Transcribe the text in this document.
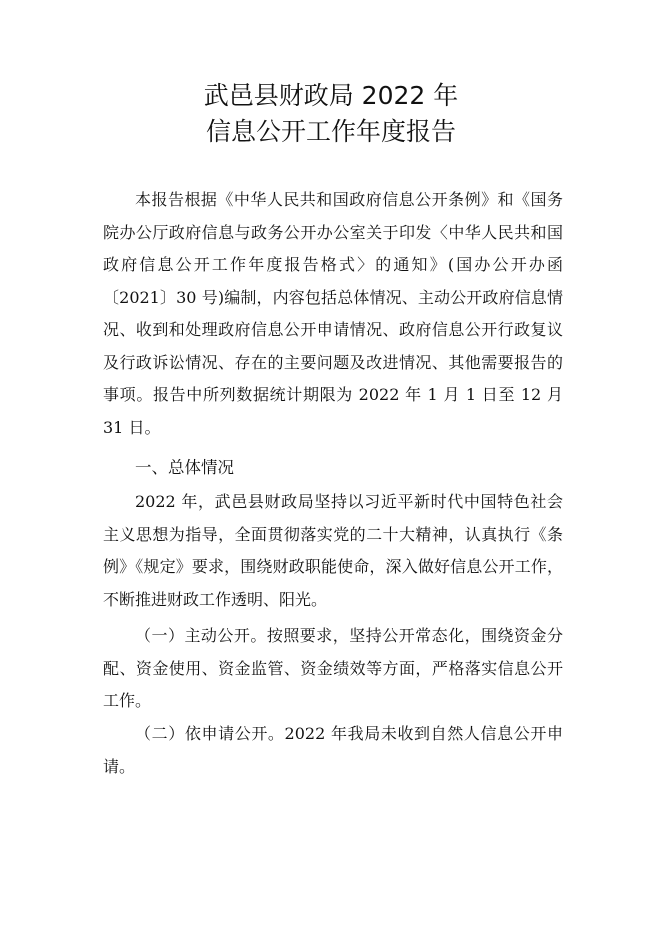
武邑县财政局 2022 年
信息公开工作年度报告

本报告根据《中华人民共和国政府信息公开条例》和《国务院办公厅政府信息与政务公开办公室关于印发〈中华人民共和国政府信息公开工作年度报告格式〉的通知》(国办公开办函〔2021〕30 号)编制，内容包括总体情况、主动公开政府信息情况、收到和处理政府信息公开申请情况、政府信息公开行政复议及行政诉讼情况、存在的主要问题及改进情况、其他需要报告的事项。报告中所列数据统计期限为 2022 年 1 月 1 日至 12 月 31 日。

一、总体情况

2022 年，武邑县财政局坚持以习近平新时代中国特色社会主义思想为指导，全面贯彻落实党的二十大精神，认真执行《条例》《规定》要求，围绕财政职能使命，深入做好信息公开工作，不断推进财政工作透明、阳光。

（一）主动公开。按照要求，坚持公开常态化，围绕资金分配、资金使用、资金监管、资金绩效等方面，严格落实信息公开工作。

（二）依申请公开。2022 年我局未收到自然人信息公开申请。
